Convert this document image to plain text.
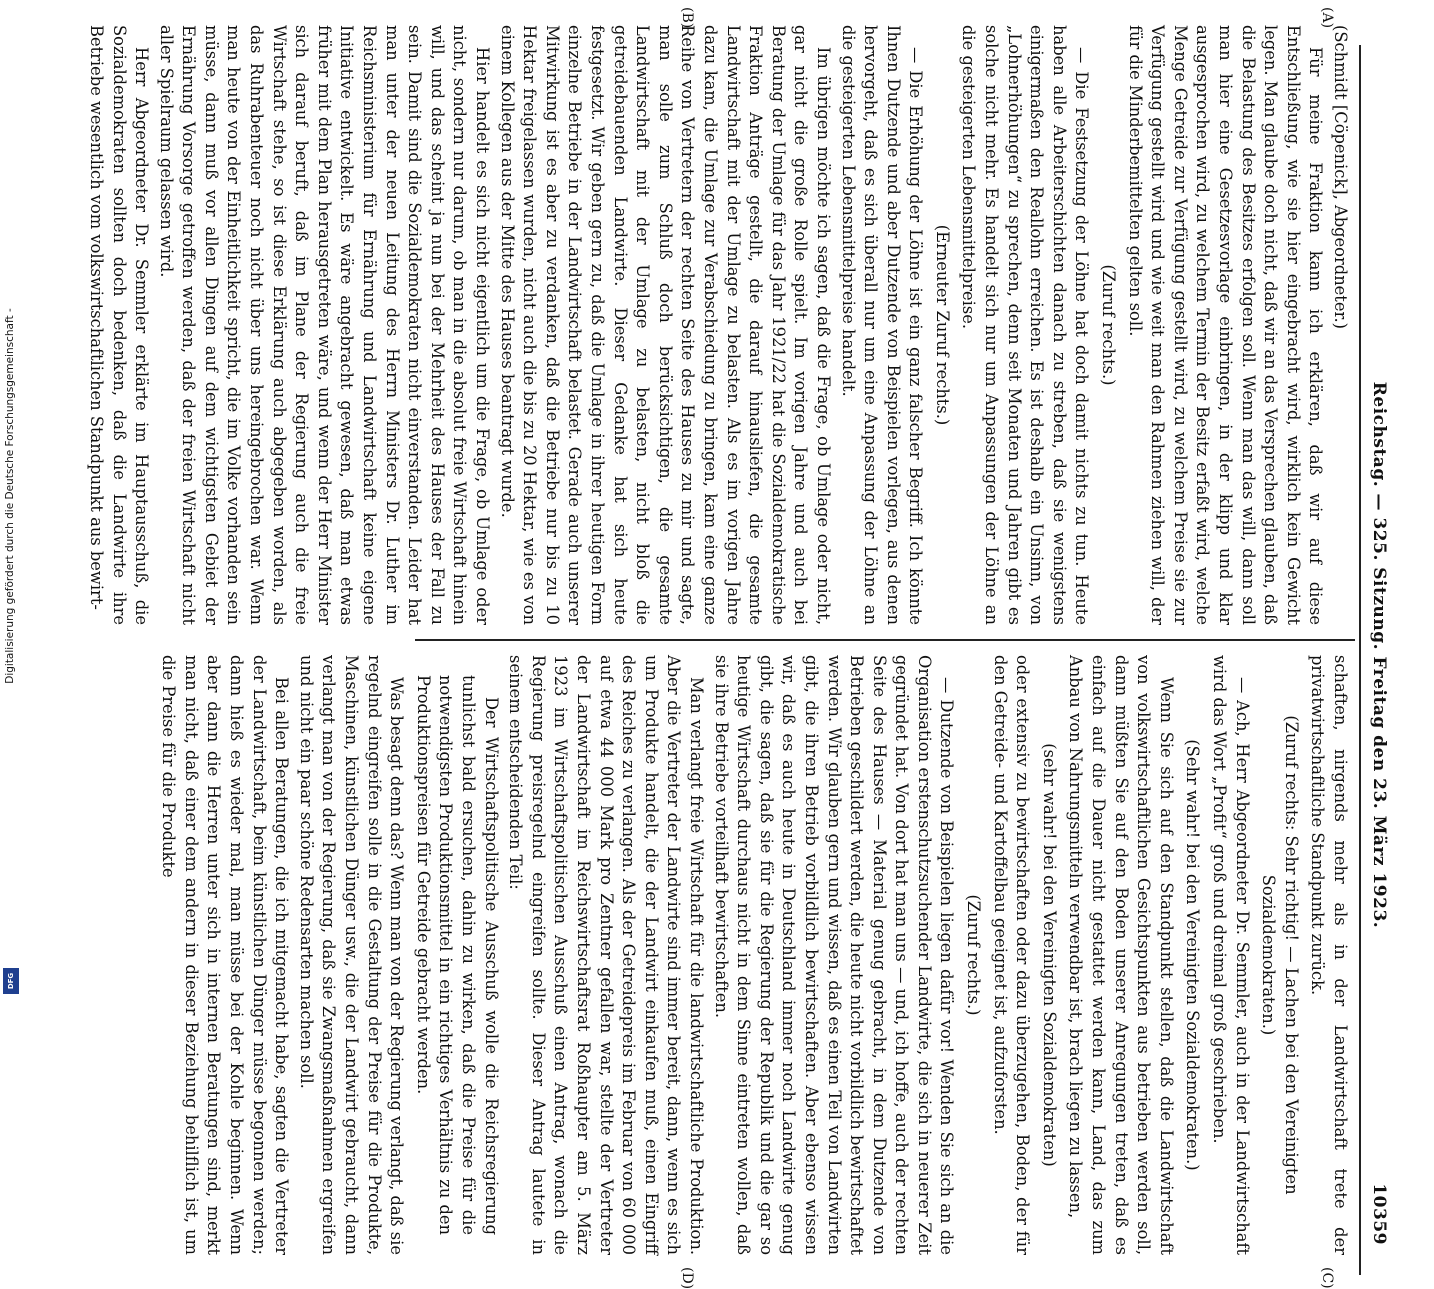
Reichstag. — 325. Sitzung. Freitag den 23. März 1923.
10359
(A)
(B)
(C)
(D)

(Schmidt [Cöpenick], Abgeordneter.)

Für meine Fraktion kann ich erklären, daß wir auf diese Entschließung, wie sie hier eingebracht wird, wirklich kein Gewicht legen. Man glaube doch nicht, daß wir an das Versprechen glauben, daß die Belastung des Besitzes erfolgen soll. Wenn man das will, dann soll man hier eine Gesetzesvorlage einbringen, in der klipp und klar ausgesprochen wird, zu welchem Termin der Besitz erfaßt wird, welche Menge Getreide zur Verfügung gestellt wird, zu welchem Preise sie zur Verfügung gestellt wird und wie weit man den Rahmen ziehen will, der für die Minderbemittelten gelten soll.

(Zuruf rechts.)

— Die Festsetzung der Löhne hat doch damit nichts zu tun. Heute haben alle Arbeiterschichten danach zu streben, daß sie wenigstens einigermaßen den Reallohn erreichen. Es ist deshalb ein Unsinn, von „Lohnerhöhungen“ zu sprechen, denn seit Monaten und Jahren gibt es solche nicht mehr. Es handelt sich nur um Anpassungen der Löhne an die gesteigerten Lebensmittelpreise.

(Erneuter Zuruf rechts.)

— Die Erhöhung der Löhne ist ein ganz falscher Begriff. Ich könnte Ihnen Dutzende und aber Dutzende von Beispielen vorlegen, aus denen hervorgeht, daß es sich überall nur um eine Anpassung der Löhne an die gesteigerten Lebensmittelpreise handelt.

Im übrigen möchte ich sagen, daß die Frage, ob Umlage oder nicht, gar nicht die große Rolle spielt. Im vorigen Jahre und auch bei Beratung der Umlage für das Jahr 1921/22 hat die Sozialdemokratische Fraktion Anträge gestellt, die darauf hinausliefen, die gesamte Landwirtschaft mit der Umlage zu belasten. Als es im vorigen Jahre dazu kam, die Umlage zur Verabschiedung zu bringen, kam eine ganze Reihe von Vertretern der rechten Seite des Hauses zu mir und sagte, man solle zum Schluß doch berücksichtigen, die gesamte Landwirtschaft mit der Umlage zu belasten, nicht bloß die getreidebauenden Landwirte. Dieser Gedanke hat sich heute festgesetzt. Wir geben gern zu, daß die Umlage in ihrer heutigen Form einzelne Betriebe in der Landwirtschaft belastet. Gerade auch unserer Mitwirkung ist es aber zu verdanken, daß die Betriebe nur bis zu 10 Hektar freigelassen wurden, nicht auch die bis zu 20 Hektar, wie es von einem Kollegen aus der Mitte des Hauses beantragt wurde.

Hier handelt es sich nicht eigentlich um die Frage, ob Umlage oder nicht, sondern nur darum, ob man in die absolut freie Wirtschaft hinein will, und das scheint ja nun bei der Mehrheit des Hauses der Fall zu sein. Damit sind die Sozialdemokraten nicht einverstanden. Leider hat man unter der neuen Leitung des Herrn Ministers Dr. Luther im Reichsministerium für Ernährung und Landwirtschaft keine eigene Initiative entwickelt. Es wäre angebracht gewesen, daß man etwas früher mit dem Plan herausgetreten wäre, und wenn der Herr Minister sich darauf beruft, daß im Plane der Regierung auch die freie Wirtschaft stehe, so ist diese Erklärung auch abgegeben worden, als das Ruhrabenteuer noch nicht über uns hereingebrochen war. Wenn man heute von der Einheitlichkeit spricht, die im Volke vorhanden sein müsse, dann muß vor allen Dingen auf dem wichtigsten Gebiet der Ernährung Vorsorge getroffen werden, daß der freien Wirtschaft nicht aller Spielraum gelassen wird.

Herr Abgeordneter Dr. Semmler erklärte im Hauptausschuß, die Sozialdemokraten sollten doch bedenken, daß die Landwirte ihre Betriebe wesentlich vom volkswirtschaftlichen Standpunkt aus bewirt-

schaften, nirgends mehr als in der Landwirtschaft trete der privatwirtschaftliche Standpunkt zurück.

(Zuruf rechts: Sehr richtig! — Lachen bei den Vereinigten Sozialdemokraten.)

— Ach, Herr Abgeordneter Dr. Semmler, auch in der Landwirtschaft wird das Wort „Profit“ groß und dreimal groß geschrieben.

(Sehr wahr! bei den Vereinigten Sozialdemokraten.)

Wenn Sie sich auf den Standpunkt stellen, daß die Landwirtschaft von volkswirtschaftlichen Gesichtspunkten aus betrieben werden soll, dann müßten Sie auf den Boden unserer Anregungen treten, daß es einfach auf die Dauer nicht gestattet werden kann, Land, das zum Anbau von Nahrungsmitteln verwendbar ist, brach liegen zu lassen,

(sehr wahr! bei den Vereinigten Sozialdemokraten)

oder extensiv zu bewirtschaften oder dazu überzugehen, Boden, der für den Getreide- und Kartoffelbau geeignet ist, aufzuforsten.

(Zuruf rechts.)

— Dutzende von Beispielen liegen dafür vor! Wenden Sie sich an die Organisation erstenschutzsuchender Landwirte, die sich in neuerer Zeit gegründet hat. Von dort hat man uns — und, ich hoffe, auch der rechten Seite des Hauses — Material genug gebracht, in dem Dutzende von Betrieben geschildert werden, die heute nicht vorbildlich bewirtschaftet werden. Wir glauben gern und wissen, daß es einen Teil von Landwirten gibt, die ihren Betrieb vorbildlich bewirtschaften. Aber ebenso wissen wir, daß es auch heute in Deutschland immer noch Landwirte genug gibt, die sagen, daß sie für die Regierung der Republik und die gar so heutige Wirtschaft durchaus nicht in dem Sinne eintreten wollen, daß sie ihre Betriebe vorteilhaft bewirtschaften.

Man verlangt freie Wirtschaft für die landwirtschaftliche Produktion. Aber die Vertreter der Landwirte sind immer bereit, dann, wenn es sich um Produkte handelt, die der Landwirt einkaufen muß, einen Eingriff des Reiches zu verlangen. Als der Getreidepreis im Februar von 60 000 auf etwa 44 000 Mark pro Zentner gefallen war, stellte der Vertreter der Landwirtschaft im Reichswirtschaftsrat Roßhaupter am 5. März 1923 im Wirtschaftspolitischen Ausschuß einen Antrag, wonach die Regierung preisregelnd eingreifen sollte. Dieser Antrag lautete in seinem entscheidenden Teil:

Der Wirtschaftspolitische Ausschuß wolle die Reichsregierung tunlichst bald ersuchen, dahin zu wirken, daß die Preise für die notwendigsten Produktionsmittel in ein richtiges Verhältnis zu den Produktionspreisen für Getreide gebracht werden.

Was besagt denn das? Wenn man von der Regierung verlangt, daß sie regelnd eingreifen solle in die Gestaltung der Preise für die Produkte, Maschinen, künstlichen Dünger usw., die der Landwirt gebraucht, dann verlangt man von der Regierung, daß sie Zwangsmaßnahmen ergreifen und nicht ein paar schöne Redensarten machen soll.

Bei allen Beratungen, die ich mitgemacht habe, sagten die Vertreter der Landwirtschaft, beim künstlichen Dünger müsse begonnen werden; dann hieß es wieder mal, man müsse bei der Kohle beginnen. Wenn aber dann die Herren unter sich in internen Beratungen sind, merkt man nicht, daß einer dem andern in dieser Beziehung behilflich ist, um die Preise für die Produkte

Digitalisierung gefördert durch die Deutsche Forschungsgemeinschaft -
DFG
